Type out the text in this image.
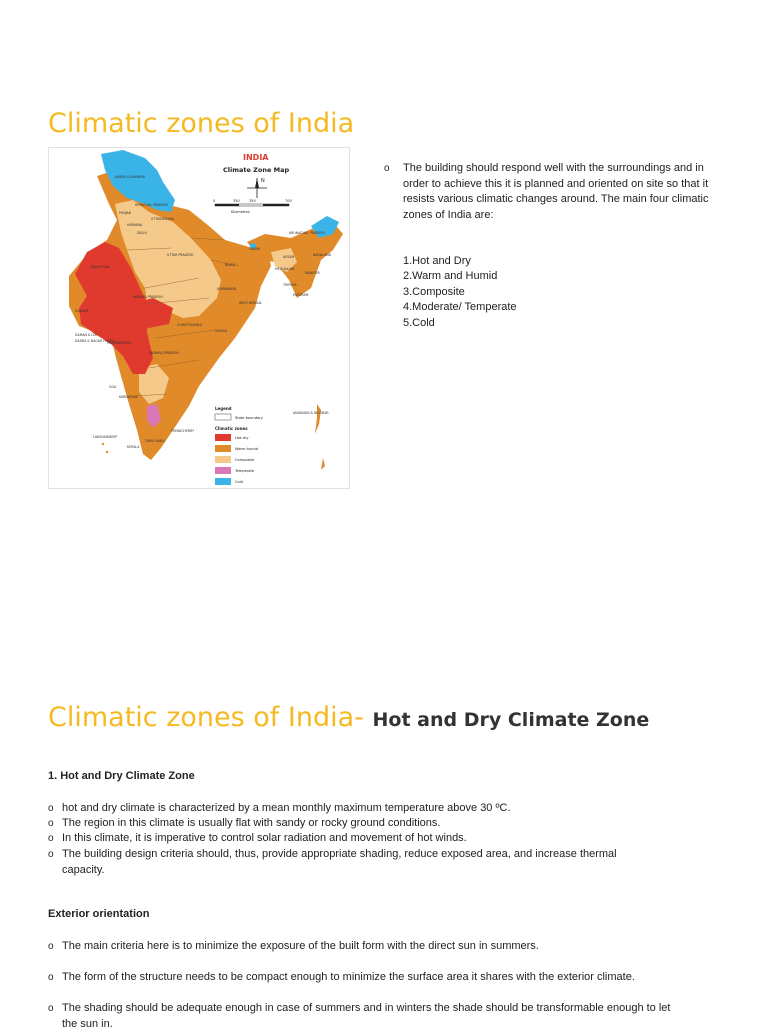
Climatic zones of India
INDIA
Climate Zone Map
N
0	350	350	700
Kilometres
JAMMU & KASHMIR
HIMACHAL PRADESH
PUNJAB
UTTARANCHAL
HARYANA
DELHI
RAJASTHAN
UTTAR PRADESH
BIHAR
SIKKIM
ARUNACHAL PRADESH
ASSAM	NAGALAND
MEGHALAYA
MANIPUR
TRIPURA
MIZORAM
JHARKHAND
WEST BENGAL
GUJARAT
MADHYA PRADESH
CHHATTISGARH
ORISSA
DAMAN & DIU
DADRA & NAGAR HAVELI
MAHARASHTRA
ANDHRA PRADESH
GOA
KARNATAKA
PONDICHERRY
LAKSHADWEEP
TAMIL NADU
KERALA
ANDAMAN & NICOBAR
Legend
State boundary
Climatic zones
Hot-dry
Warm-humid
Composite
Temperate
Cold
o	The building should respond well with the surroundings and in order to achieve this it is planned and oriented on site so that it resists various climatic changes around. The main four climatic zones of India are:
1.Hot and Dry
2.Warm and Humid
3.Composite
4.Moderate/ Temperate
5.Cold
Climatic zones of India- Hot and Dry Climate Zone
1. Hot and Dry Climate Zone
o hot and dry climate is characterized by a mean monthly maximum temperature above 30 ºC.
o The region in this climate is usually flat with sandy or rocky ground conditions.
o In this climate, it is imperative to control solar radiation and movement of hot winds.
o The building design criteria should, thus, provide appropriate shading, reduce exposed area, and increase thermal capacity.
Exterior orientation
o The main criteria here is to minimize the exposure of the built form with the direct sun in summers.
o The form of the structure needs to be compact enough to minimize the surface area it shares with the exterior climate.
o The shading should be adequate enough in case of summers and in winters the shade should be transformable enough to let the sun in.
